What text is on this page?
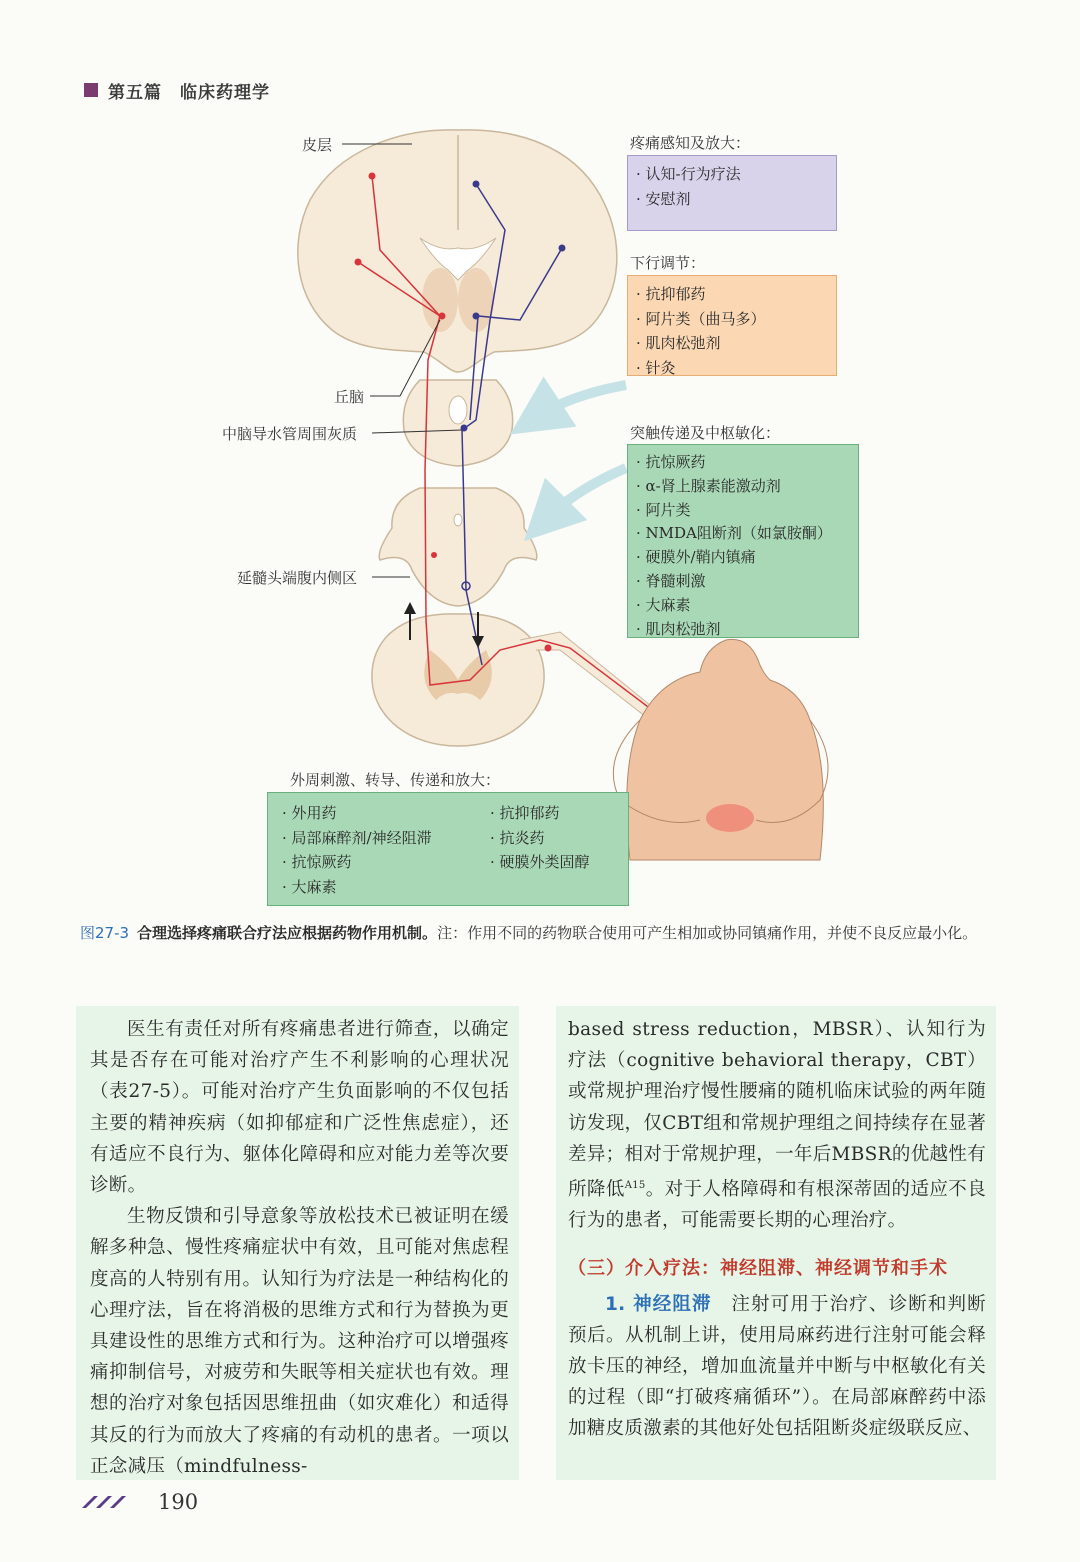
第五篇　临床药理学
皮层
丘脑
中脑导水管周围灰质
延髓头端腹内侧区
疼痛感知及放大：
· 认知-行为疗法
· 安慰剂
下行调节：
· 抗抑郁药
· 阿片类（曲马多）
· 肌肉松弛剂
· 针灸
突触传递及中枢敏化：
· 抗惊厥药
· α-肾上腺素能激动剂
· 阿片类
· NMDA阻断剂（如氯胺酮）
· 硬膜外/鞘内镇痛
· 脊髓刺激
· 大麻素
· 肌肉松弛剂
外周刺激、转导、传递和放大：
· 外用药
· 局部麻醉剂/神经阻滞
· 抗惊厥药
· 大麻素
· 抗抑郁药
· 抗炎药
· 硬膜外类固醇
图27-3 合理选择疼痛联合疗法应根据药物作用机制。注：作用不同的药物联合使用可产生相加或协同镇痛作用，并使不良反应最小化。

医生有责任对所有疼痛患者进行筛查，以确定其是否存在可能对治疗产生不利影响的心理状况（表27-5）。可能对治疗产生负面影响的不仅包括主要的精神疾病（如抑郁症和广泛性焦虑症），还有适应不良行为、躯体化障碍和应对能力差等次要诊断。

生物反馈和引导意象等放松技术已被证明在缓解多种急、慢性疼痛症状中有效，且可能对焦虑程度高的人特别有用。认知行为疗法是一种结构化的心理疗法，旨在将消极的思维方式和行为替换为更具建设性的思维方式和行为。这种治疗可以增强疼痛抑制信号，对疲劳和失眠等相关症状也有效。理想的治疗对象包括因思维扭曲（如灾难化）和适得其反的行为而放大了疼痛的有动机的患者。一项以正念减压（mindfulness-

based stress reduction，MBSR）、认知行为疗法（cognitive behavioral therapy，CBT）或常规护理治疗慢性腰痛的随机临床试验的两年随访发现，仅CBT组和常规护理组之间持续存在显著差异；相对于常规护理，一年后MBSR的优越性有所降低$^{A15}$。对于人格障碍和有根深蒂固的适应不良行为的患者，可能需要长期的心理治疗。

（三）介入疗法：神经阻滞、神经调节和手术

1. 神经阻滞　 注射可用于治疗、诊断和判断预后。从机制上讲，使用局麻药进行注射可能会释放卡压的神经，增加血流量并中断与中枢敏化有关的过程（即“打破疼痛循环”）。在局部麻醉药中添加糖皮质激素的其他好处包括阻断炎症级联反应、

190
